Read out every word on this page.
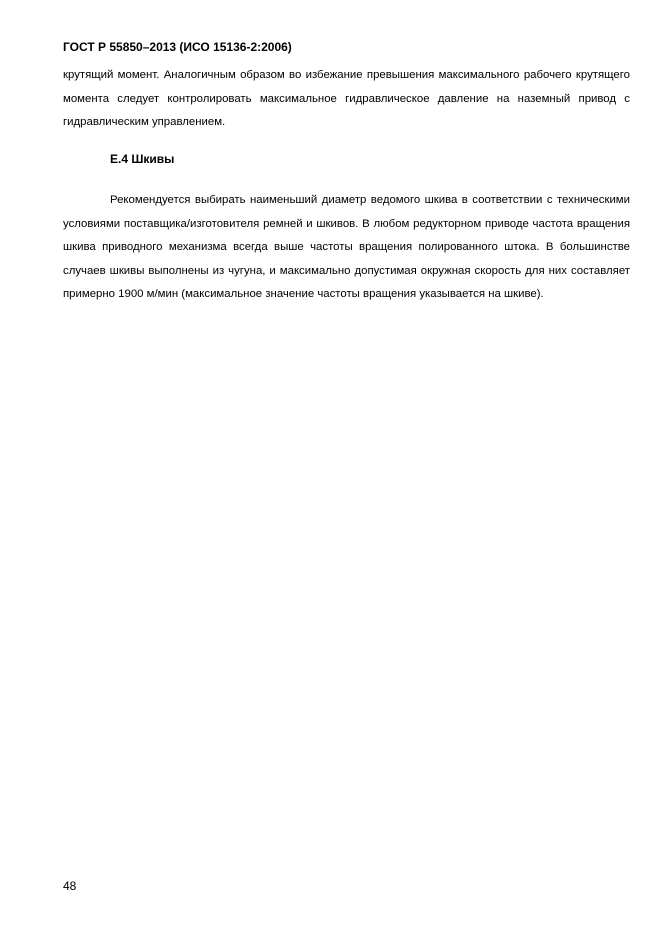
ГОСТ Р 55850–2013 (ИСО 15136-2:2006)

крутящий момент. Аналогичным образом во избежание превышения максимального рабочего крутящего момента следует контролировать максимальное гидравлическое давление на наземный привод с гидравлическим управлением.

Е.4 Шкивы

Рекомендуется выбирать наименьший диаметр ведомого шкива в соответствии с техническими условиями поставщика/изготовителя ремней и шкивов. В любом редукторном приводе частота вращения шкива приводного механизма всегда выше частоты вращения полированного штока. В большинстве случаев шкивы выполнены из чугуна, и максимально допустимая окружная скорость для них составляет примерно 1900 м/мин (максимальное значение частоты вращения указывается на шкиве).

48
